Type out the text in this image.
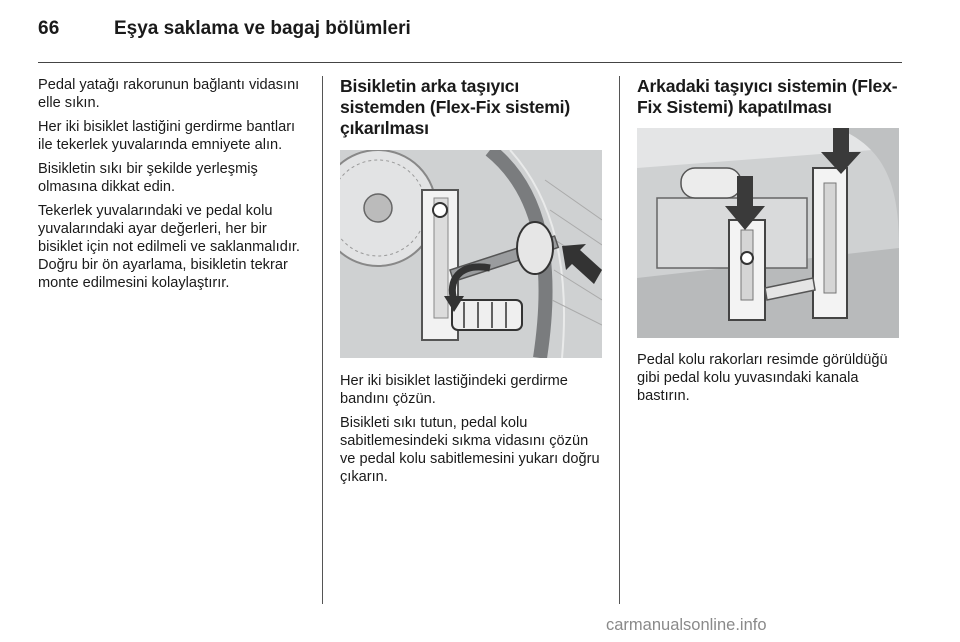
66	Eşya saklama ve bagaj bölümleri

Pedal yatağı rakorunun bağlantı vidasını elle sıkın.

Her iki bisiklet lastiğini gerdirme bantları ile tekerlek yuvalarında emniyete alın.

Bisikletin sıkı bir şekilde yerleşmiş olmasına dikkat edin.

Tekerlek yuvalarındaki ve pedal kolu yuvalarındaki ayar değerleri, her bir bisiklet için not edilmeli ve saklanmalıdır. Doğru bir ön ayarlama, bisikletin tekrar monte edilmesini kolaylaştırır.

Bisikletin arka taşıyıcı sistemden (Flex-Fix sistemi) çıkarılması

Her iki bisiklet lastiğindeki gerdirme bandını çözün.

Bisikleti sıkı tutun, pedal kolu sabitlemesindeki sıkma vidasını çözün ve pedal kolu sabitlemesini yukarı doğru çıkarın.

Arkadaki taşıyıcı sistemin (Flex-Fix Sistemi) kapatılması

Pedal kolu rakorları resimde görüldüğü gibi pedal kolu yuvasındaki kanala bastırın.

carmanualsonline.info
